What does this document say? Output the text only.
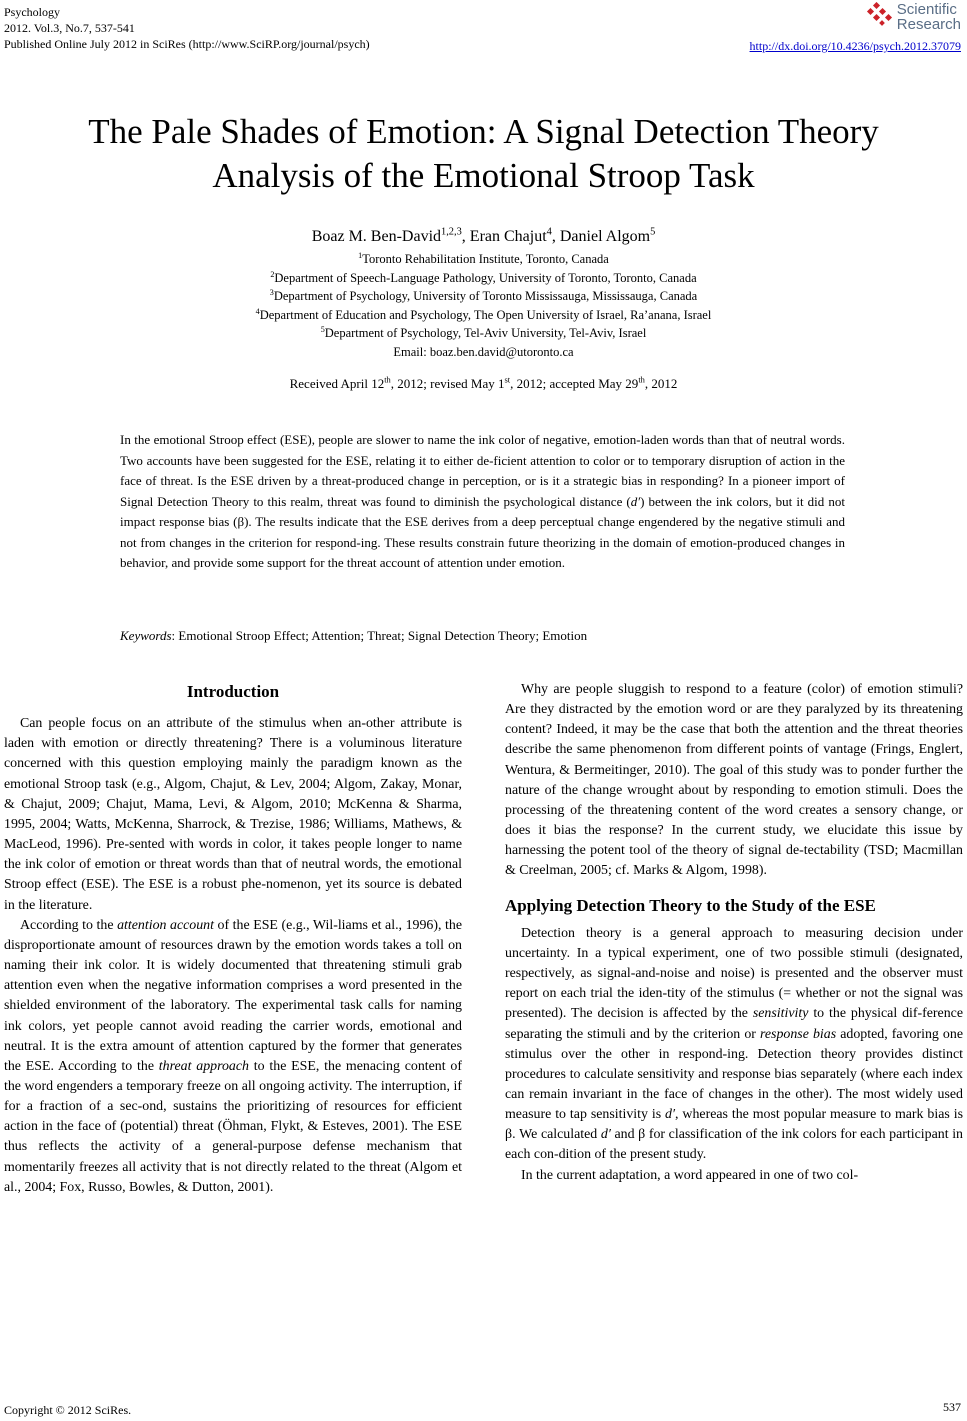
Psychology
2012. Vol.3, No.7, 537-541
Published Online July 2012 in SciRes (http://www.SciRP.org/journal/psych)
Scientific
Research
http://dx.doi.org/10.4236/psych.2012.37079
The Pale Shades of Emotion: A Signal Detection Theory
Analysis of the Emotional Stroop Task
Boaz M. Ben-David$^{1,2,3}$, Eran Chajut$^4$, Daniel Algom$^5$
$^1$Toronto Rehabilitation Institute, Toronto, Canada
$^2$Department of Speech-Language Pathology, University of Toronto, Toronto, Canada
$^3$Department of Psychology, University of Toronto Mississauga, Mississauga, Canada
$^4$Department of Education and Psychology, The Open University of Israel, Ra’anana, Israel
$^5$Department of Psychology, Tel-Aviv University, Tel-Aviv, Israel
Email: boaz.ben.david@utoronto.ca
Received April 12th, 2012; revised May 1st, 2012; accepted May 29th, 2012
In the emotional Stroop effect (ESE), people are slower to name the ink color of negative, emotion-laden words than that of neutral words. Two accounts have been suggested for the ESE, relating it to either de-ficient attention to color or to temporary disruption of action in the face of threat. Is the ESE driven by a threat-produced change in perception, or is it a strategic bias in responding? In a pioneer import of Signal Detection Theory to this realm, threat was found to diminish the psychological distance (d′) between the ink colors, but it did not impact response bias (β). The results indicate that the ESE derives from a deep perceptual change engendered by the negative stimuli and not from changes in the criterion for respond-ing. These results constrain future theorizing in the domain of emotion-produced changes in behavior, and provide some support for the threat account of attention under emotion.
Keywords: Emotional Stroop Effect; Attention; Threat; Signal Detection Theory; Emotion
Introduction

Can people focus on an attribute of the stimulus when an-other attribute is laden with emotion or directly threatening? There is a voluminous literature concerned with this question employing mainly the paradigm known as the emotional Stroop task (e.g., Algom, Chajut, & Lev, 2004; Algom, Zakay, Monar, & Chajut, 2009; Chajut, Mama, Levi, & Algom, 2010; McKenna & Sharma, 1995, 2004; Watts, McKenna, Sharrock, & Trezise, 1986; Williams, Mathews, & MacLeod, 1996). Pre-sented with words in color, it takes people longer to name the ink color of emotion or threat words than that of neutral words, the emotional Stroop effect (ESE). The ESE is a robust phe-nomenon, yet its source is debated in the literature.

According to the attention account of the ESE (e.g., Wil-liams et al., 1996), the disproportionate amount of resources drawn by the emotion words takes a toll on naming their ink color. It is widely documented that threatening stimuli grab attention even when the negative information comprises a word presented in the shielded environment of the laboratory. The experimental task calls for naming ink colors, yet people cannot avoid reading the carrier words, emotional and neutral. It is the extra amount of attention captured by the former that generates the ESE. According to the threat approach to the ESE, the menacing content of the word engenders a temporary freeze on all ongoing activity. The interruption, if for a fraction of a sec-ond, sustains the prioritizing of resources for efficient action in the face of (potential) threat (Öhman, Flykt, & Esteves, 2001). The ESE thus reflects the activity of a general-purpose defense mechanism that momentarily freezes all activity that is not directly related to the threat (Algom et al., 2004; Fox, Russo, Bowles, & Dutton, 2001).

Why are people sluggish to respond to a feature (color) of emotion stimuli? Are they distracted by the emotion word or are they paralyzed by its threatening content? Indeed, it may be the case that both the attention and the threat theories describe the same phenomenon from different points of vantage (Frings, Englert, Wentura, & Bermeitinger, 2010). The goal of this study was to ponder further the nature of the change wrought about by responding to emotion stimuli. Does the processing of the threatening content of the word creates a sensory change, or does it bias the response? In the current study, we elucidate this issue by harnessing the potent tool of the theory of signal de-tectability (TSD; Macmillan & Creelman, 2005; cf. Marks & Algom, 1998).

Applying Detection Theory to the Study of the ESE

Detection theory is a general approach to measuring decision under uncertainty. In a typical experiment, one of two possible stimuli (designated, respectively, as signal-and-noise and noise) is presented and the observer must report on each trial the iden-tity of the stimulus (= whether or not the signal was presented). The decision is affected by the sensitivity to the physical dif-ference separating the stimuli and by the criterion or response bias adopted, favoring one stimulus over the other in respond-ing. Detection theory provides distinct procedures to calculate sensitivity and response bias separately (where each index can remain invariant in the face of changes in the other). The most widely used measure to tap sensitivity is d′, whereas the most popular measure to mark bias is β. We calculated d′ and β for classification of the ink colors for each participant in each con-dition of the present study.

In the current adaptation, a word appeared in one of two col-

Copyright © 2012 SciRes.	537
